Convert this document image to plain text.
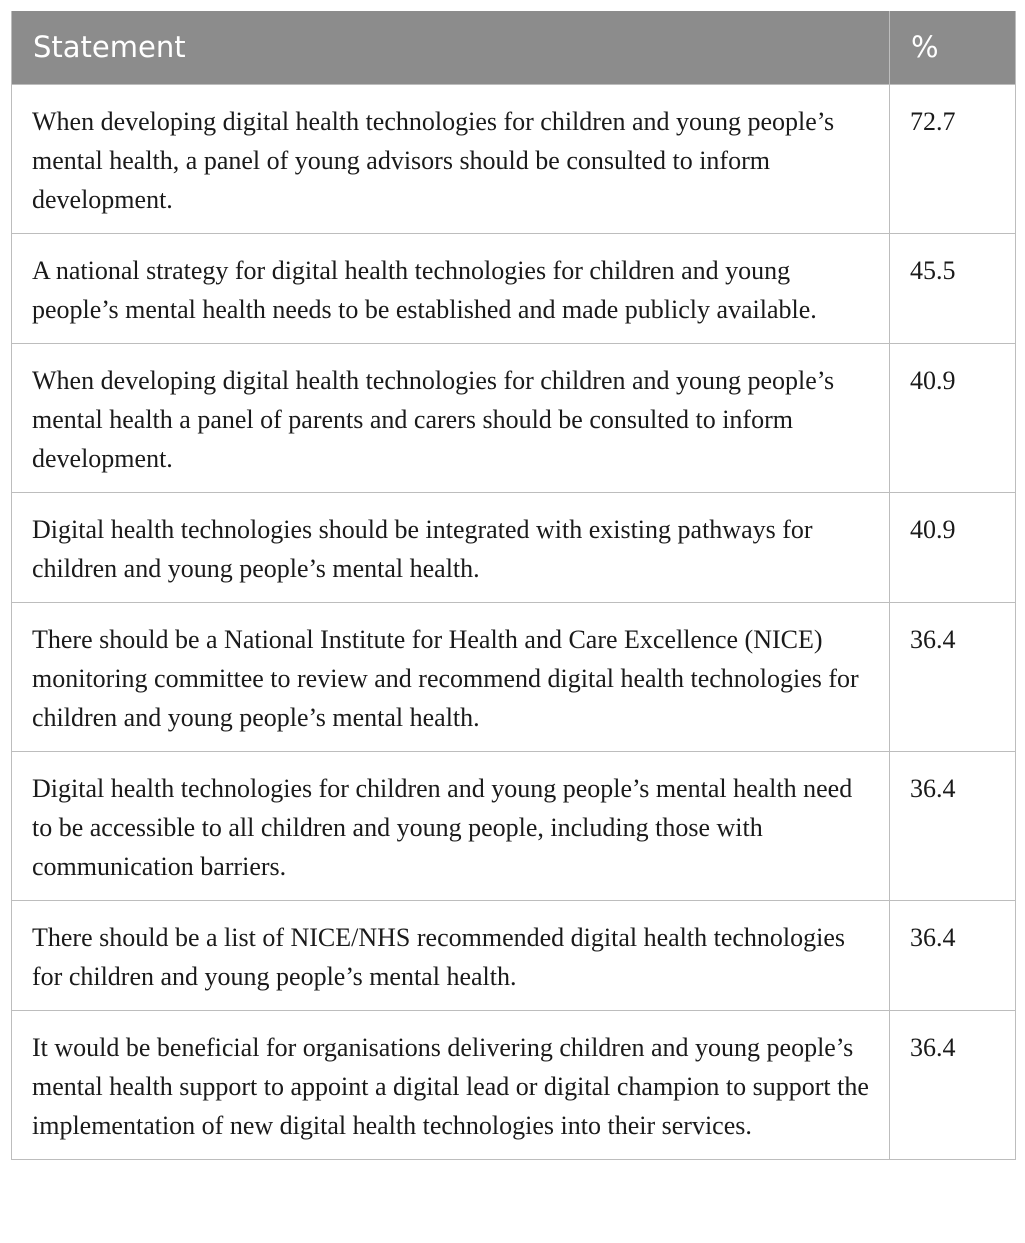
Statement	%
When developing digital health technologies for children and young people’s mental health, a panel of young advisors should be consulted to inform development.	72.7
A national strategy for digital health technologies for children and young people’s mental health needs to be established and made publicly available.	45.5
When developing digital health technologies for children and young people’s mental health a panel of parents and carers should be consulted to inform development.	40.9
Digital health technologies should be integrated with existing pathways for children and young people’s mental health.	40.9
There should be a National Institute for Health and Care Excellence (NICE) monitoring committee to review and recommend digital health technologies for children and young people’s mental health.	36.4
Digital health technologies for children and young people’s mental health need to be accessible to all children and young people, including those with communication barriers.	36.4
There should be a list of NICE/NHS recommended digital health technologies for children and young people’s mental health.	36.4
It would be beneficial for organisations delivering children and young people’s mental health support to appoint a digital lead or digital champion to support the implementation of new digital health technologies into their services.	36.4
